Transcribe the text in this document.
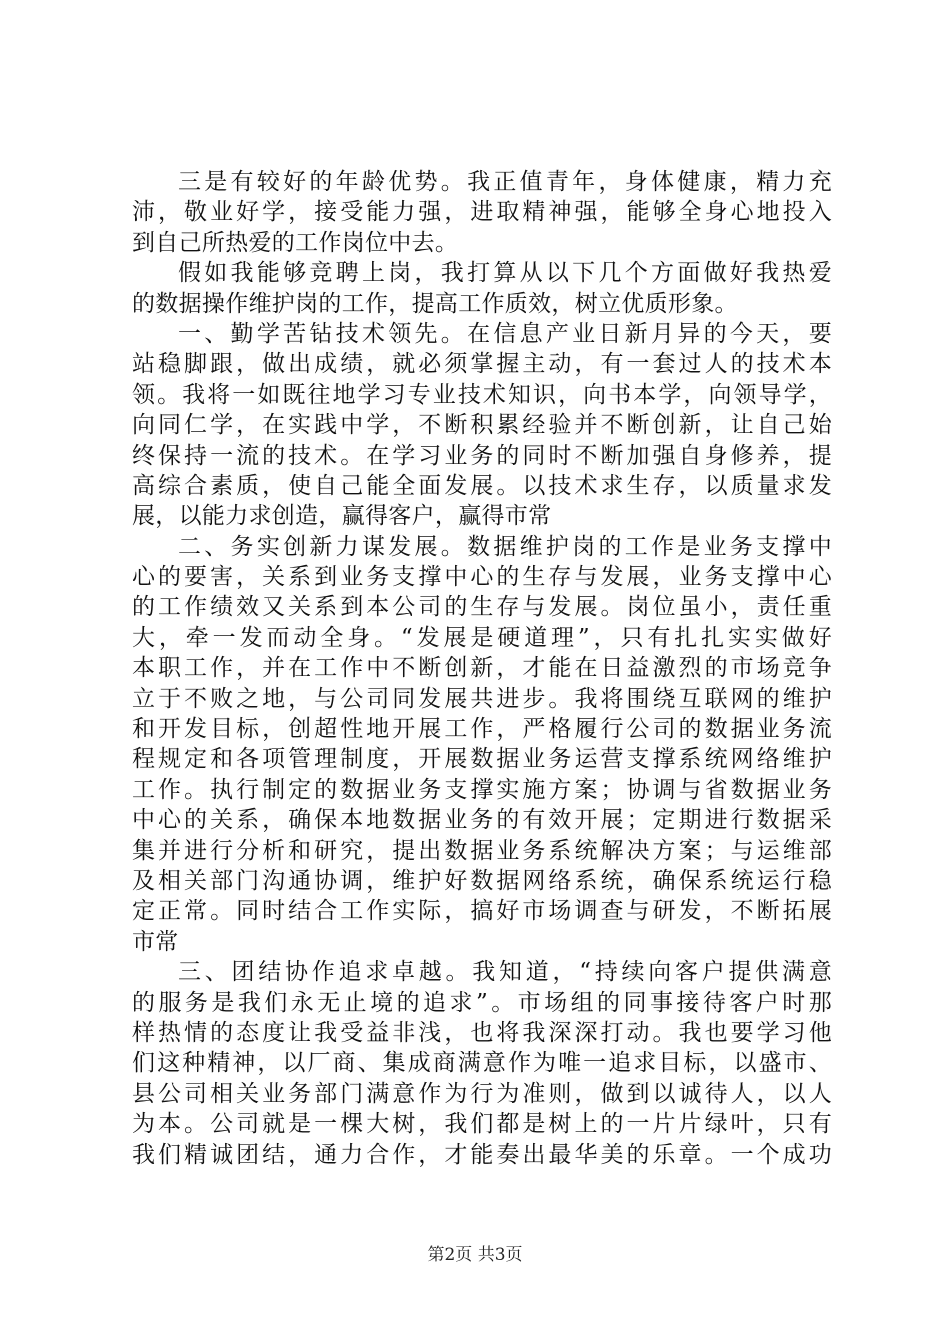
三是有较好的年龄优势。我正值青年，身体健康，精力充
沛，敬业好学，接受能力强，进取精神强，能够全身心地投入
到自己所热爱的工作岗位中去。
假如我能够竞聘上岗，我打算从以下几个方面做好我热爱
的数据操作维护岗的工作，提高工作质效，树立优质形象。
一、勤学苦钻技术领先。在信息产业日新月异的今天，要
站稳脚跟，做出成绩，就必须掌握主动，有一套过人的技术本
领。我将一如既往地学习专业技术知识，向书本学，向领导学，
向同仁学，在实践中学，不断积累经验并不断创新，让自己始
终保持一流的技术。在学习业务的同时不断加强自身修养，提
高综合素质，使自己能全面发展。以技术求生存，以质量求发
展，以能力求创造，赢得客户，赢得市常
二、务实创新力谋发展。数据维护岗的工作是业务支撑中
心的要害，关系到业务支撑中心的生存与发展，业务支撑中心
的工作绩效又关系到本公司的生存与发展。岗位虽小，责任重
大，牵一发而动全身。“发展是硬道理”，只有扎扎实实做好
本职工作，并在工作中不断创新，才能在日益激烈的市场竞争
立于不败之地，与公司同发展共进步。我将围绕互联网的维护
和开发目标，创超性地开展工作，严格履行公司的数据业务流
程规定和各项管理制度，开展数据业务运营支撑系统网络维护
工作。执行制定的数据业务支撑实施方案；协调与省数据业务
中心的关系，确保本地数据业务的有效开展；定期进行数据采
集并进行分析和研究，提出数据业务系统解决方案；与运维部
及相关部门沟通协调，维护好数据网络系统，确保系统运行稳
定正常。同时结合工作实际，搞好市场调查与研发，不断拓展
市常
三、团结协作追求卓越。我知道，“持续向客户提供满意
的服务是我们永无止境的追求”。市场组的同事接待客户时那
样热情的态度让我受益非浅，也将我深深打动。我也要学习他
们这种精神，以厂商、集成商满意作为唯一追求目标，以盛市、
县公司相关业务部门满意作为行为准则，做到以诚待人，以人
为本。公司就是一棵大树，我们都是树上的一片片绿叶，只有
我们精诚团结，通力合作，才能奏出最华美的乐章。一个成功
第2页 共3页
